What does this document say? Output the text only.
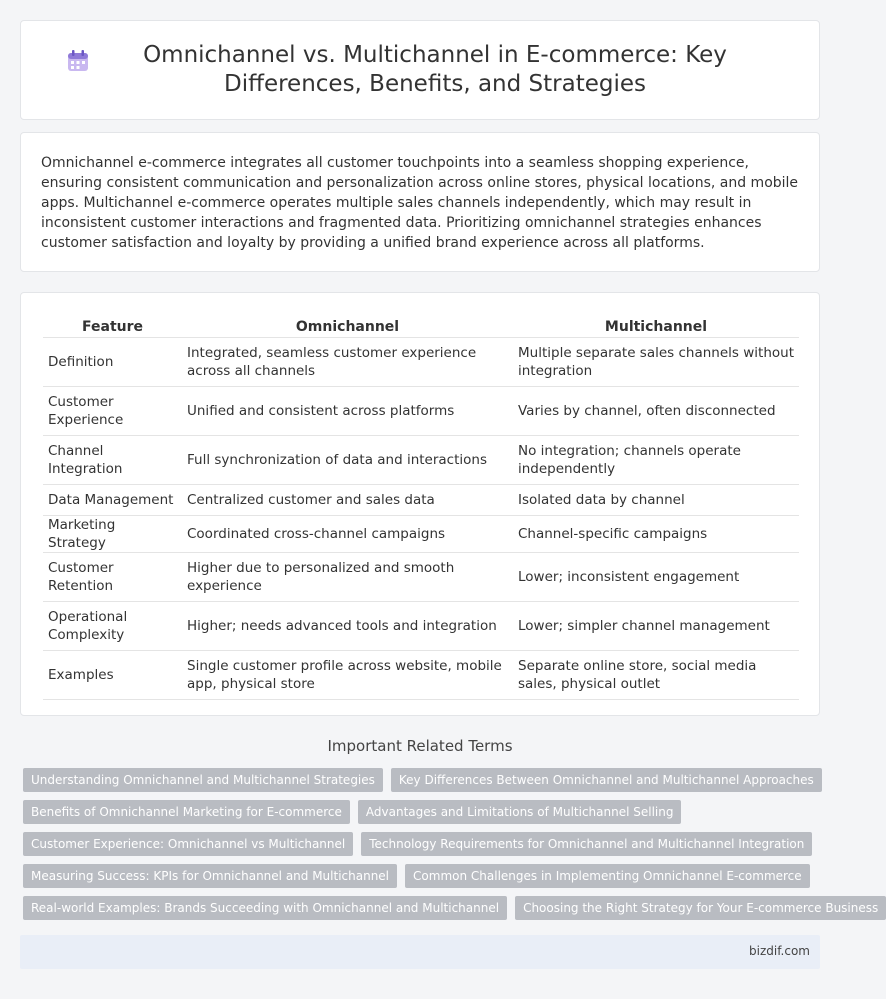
Omnichannel vs. Multichannel in E-commerce: Key Differences, Benefits, and Strategies

Omnichannel e-commerce integrates all customer touchpoints into a seamless shopping experience, ensuring consistent communication and personalization across online stores, physical locations, and mobile apps. Multichannel e-commerce operates multiple sales channels independently, which may result in inconsistent customer interactions and fragmented data. Prioritizing omnichannel strategies enhances customer satisfaction and loyalty by providing a unified brand experience across all platforms.

Feature	Omnichannel	Multichannel
Definition	Integrated, seamless customer experience across all channels	Multiple separate sales channels without integration
Customer Experience	Unified and consistent across platforms	Varies by channel, often disconnected
Channel Integration	Full synchronization of data and interactions	No integration; channels operate independently
Data Management	Centralized customer and sales data	Isolated data by channel
Marketing Strategy	Coordinated cross-channel campaigns	Channel-specific campaigns
Customer Retention	Higher due to personalized and smooth experience	Lower; inconsistent engagement
Operational Complexity	Higher; needs advanced tools and integration	Lower; simpler channel management
Examples	Single customer profile across website, mobile app, physical store	Separate online store, social media sales, physical outlet
Important Related Terms
Understanding Omnichannel and Multichannel Strategies	Key Differences Between Omnichannel and Multichannel Approaches
Benefits of Omnichannel Marketing for E-commerce	Advantages and Limitations of Multichannel Selling
Customer Experience: Omnichannel vs Multichannel	Technology Requirements for Omnichannel and Multichannel Integration
Measuring Success: KPIs for Omnichannel and Multichannel	Common Challenges in Implementing Omnichannel E-commerce
Real-world Examples: Brands Succeeding with Omnichannel and Multichannel	Choosing the Right Strategy for Your E-commerce Business
bizdif.com
